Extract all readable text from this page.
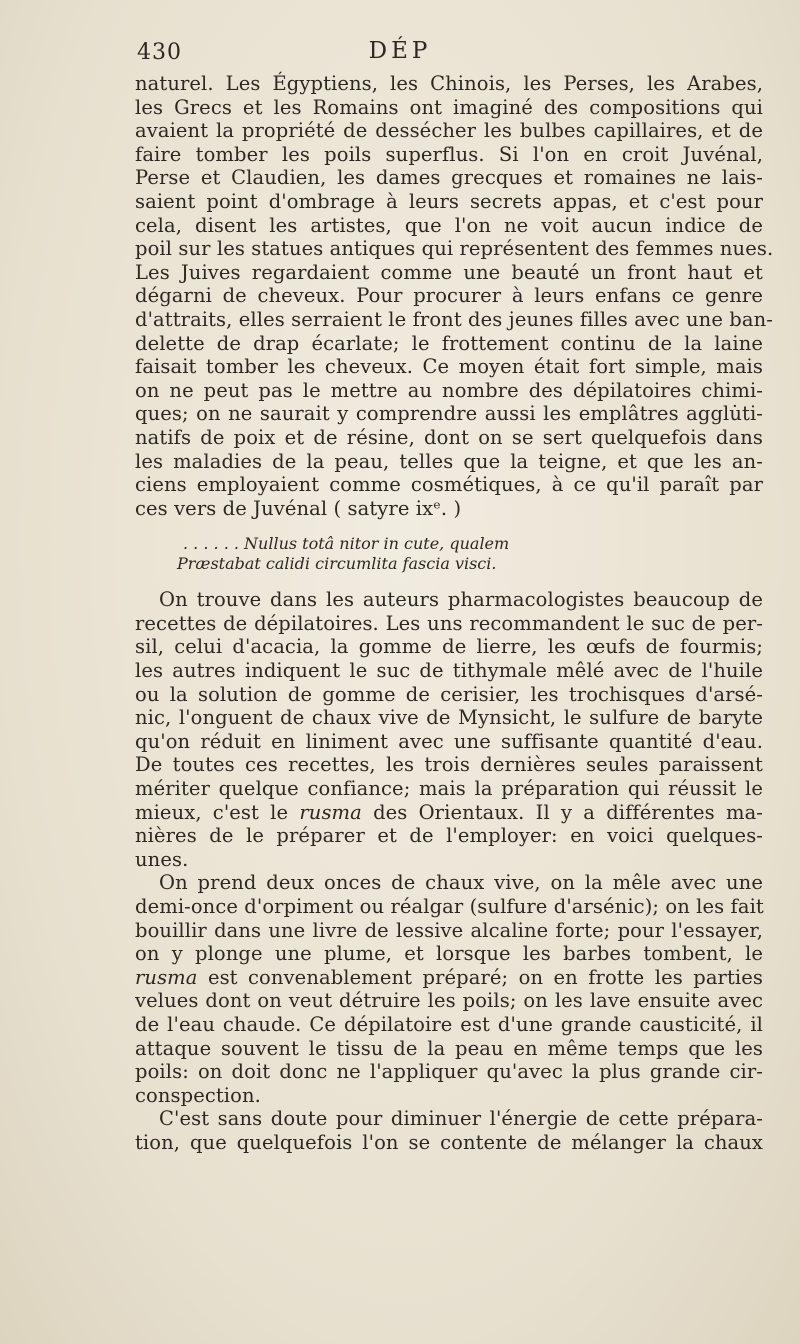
430	DÉP
naturel. Les Égyptiens, les Chinois, les Perses, les Arabes,
les Grecs et les Romains ont imaginé des compositions qui
avaient la propriété de dessécher les bulbes capillaires, et de
faire tomber les poils superflus. Si l'on en croit Juvénal,
Perse et Claudien, les dames grecques et romaines ne lais-
saient point d'ombrage à leurs secrets appas, et c'est pour
cela, disent les artistes, que l'on ne voit aucun indice de
poil sur les statues antiques qui représentent des femmes nues.
Les Juives regardaient comme une beauté un front haut et
dégarni de cheveux. Pour procurer à leurs enfans ce genre
d'attraits, elles serraient le front des jeunes filles avec une ban-
delette de drap écarlate; le frottement continu de la laine
faisait tomber les cheveux. Ce moyen était fort simple, mais
on ne peut pas le mettre au nombre des dépilatoires chimi-
ques; on ne saurait y comprendre aussi les emplâtres agglu̇ti-
natifs de poix et de résine, dont on se sert quelquefois dans
les maladies de la peau, telles que la teigne, et que les an-
ciens employaient comme cosmétiques, à ce qu'il paraît par
ces vers de Juvénal ( satyre ixᵉ. )
. . . . . . Nullus totâ nitor in cute, qualem
Præstabat calidi circumlita fascia visci.
On trouve dans les auteurs pharmacologistes beaucoup de
recettes de dépilatoires. Les uns recommandent le suc de per-
sil, celui d'acacia, la gomme de lierre, les œufs de fourmis;
les autres indiquent le suc de tithymale mêlé avec de l'huile
ou la solution de gomme de cerisier, les trochisques d'arsé-
nic, l'onguent de chaux vive de Mynsicht, le sulfure de baryte
qu'on réduit en liniment avec une suffisante quantité d'eau.
De toutes ces recettes, les trois dernières seules paraissent
mériter quelque confiance; mais la préparation qui réussit le
mieux, c'est le rusma des Orientaux. Il y a différentes ma-
nières de le préparer et de l'employer: en voici quelques-
unes.
On prend deux onces de chaux vive, on la mêle avec une
demi-once d'orpiment ou réalgar (sulfure d'arsénic); on les fait
bouillir dans une livre de lessive alcaline forte; pour l'essayer,
on y plonge une plume, et lorsque les barbes tombent, le
rusma est convenablement préparé; on en frotte les parties
velues dont on veut détruire les poils; on les lave ensuite avec
de l'eau chaude. Ce dépilatoire est d'une grande causticité, il
attaque souvent le tissu de la peau en même temps que les
poils: on doit donc ne l'appliquer qu'avec la plus grande cir-
conspection.
C'est sans doute pour diminuer l'énergie de cette prépara-
tion, que quelquefois l'on se contente de mélanger la chaux
